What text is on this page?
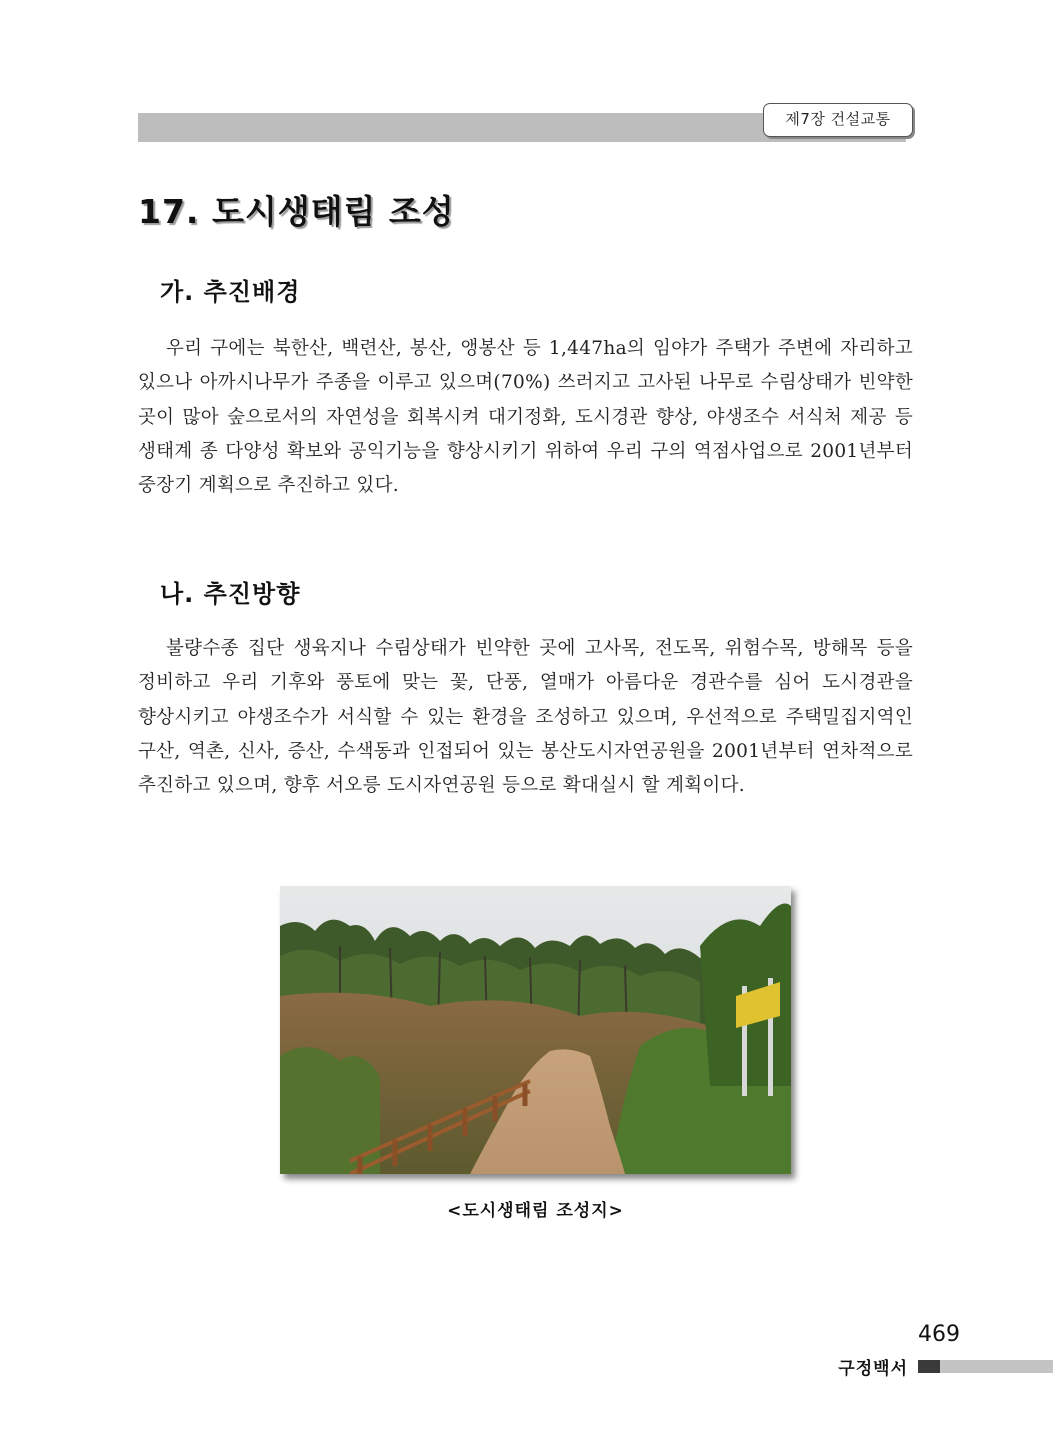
제7장 건설교통
17. 도시생태림 조성
가. 추진배경

우리 구에는 북한산, 백련산, 봉산, 앵봉산 등 1,447ha의 임야가 주택가 주변에 자리하고 있으나 아까시나무가 주종을 이루고 있으며(70%) 쓰러지고 고사된 나무로 수림상태가 빈약한 곳이 많아 숲으로서의 자연성을 회복시켜 대기정화, 도시경관 향상, 야생조수 서식처 제공 등 생태계 종 다양성 확보와 공익기능을 향상시키기 위하여 우리 구의 역점사업으로 2001년부터 중장기 계획으로 추진하고 있다.

나. 추진방향

불량수종 집단 생육지나 수림상태가 빈약한 곳에 고사목, 전도목, 위험수목, 방해목 등을 정비하고 우리 기후와 풍토에 맞는 꽃, 단풍, 열매가 아름다운 경관수를 심어 도시경관을 향상시키고 야생조수가 서식할 수 있는 환경을 조성하고 있으며, 우선적으로 주택밀집지역인 구산, 역촌, 신사, 증산, 수색동과 인접되어 있는 봉산도시자연공원을 2001년부터 연차적으로 추진하고 있으며, 향후 서오릉 도시자연공원 등으로 확대실시 할 계획이다.

<도시생태림 조성지>
469
구정백서
